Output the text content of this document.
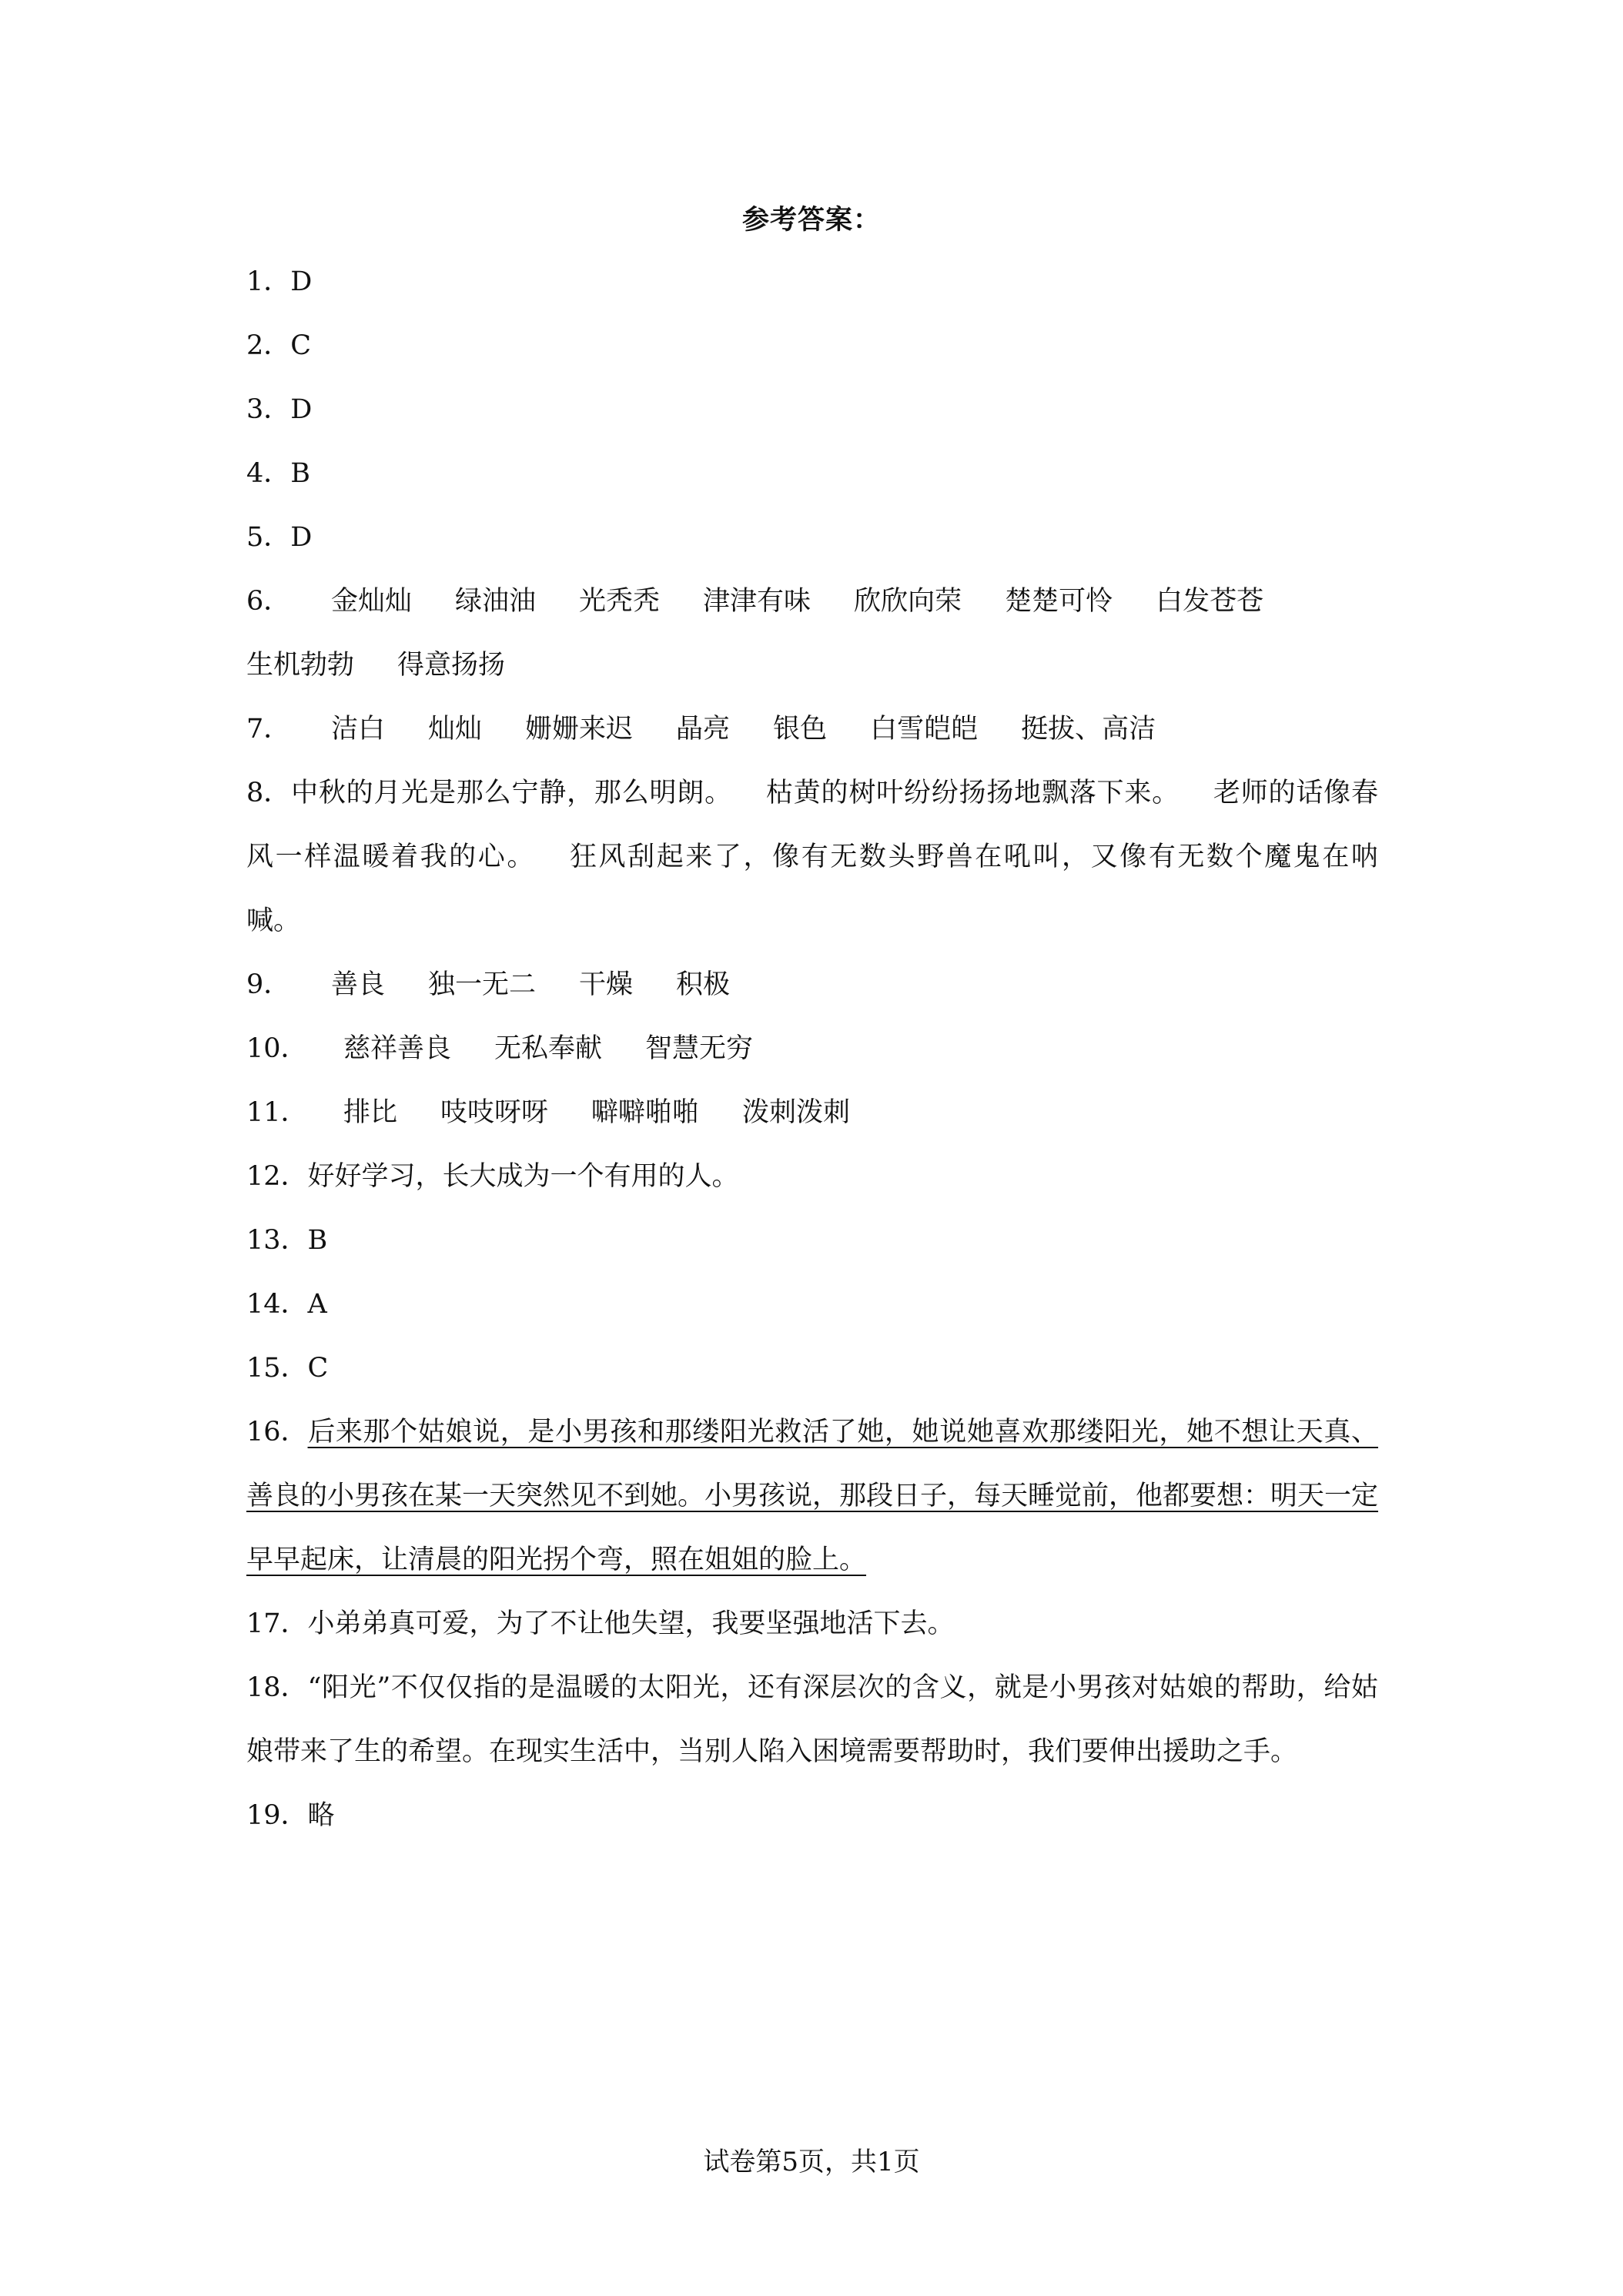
参考答案：
1．D
2．C
3．D
4．B
5．D
6． 金灿灿 绿油油 光秃秃 津津有味 欣欣向荣 楚楚可怜 白发苍苍生机勃勃 得意扬扬
7． 洁白 灿灿 姗姗来迟 晶亮 银色 白雪皑皑 挺拔、高洁
8．中秋的月光是那么宁静，那么明朗。 枯黄的树叶纷纷扬扬地飘落下来。 老师的话像春风一样温暖着我的心。 狂风刮起来了，像有无数头野兽在吼叫，又像有无数个魔鬼在呐喊。
9． 善良 独一无二 干燥 积极
10． 慈祥善良 无私奉献 智慧无穷
11． 排比 吱吱呀呀 噼噼啪啪 泼刺泼刺
12．好好学习，长大成为一个有用的人。
13．B
14．A
15．C
16．后来那个姑娘说，是小男孩和那缕阳光救活了她，她说她喜欢那缕阳光，她不想让天真、善良的小男孩在某一天突然见不到她。小男孩说，那段日子，每天睡觉前，他都要想：明天一定早早起床，让清晨的阳光拐个弯，照在姐姐的脸上。
17．小弟弟真可爱，为了不让他失望，我要坚强地活下去。
18．“阳光”不仅仅指的是温暖的太阳光，还有深层次的含义，就是小男孩对姑娘的帮助，给姑娘带来了生的希望。在现实生活中，当别人陷入困境需要帮助时，我们要伸出援助之手。
19．略
试卷第5页，共1页
